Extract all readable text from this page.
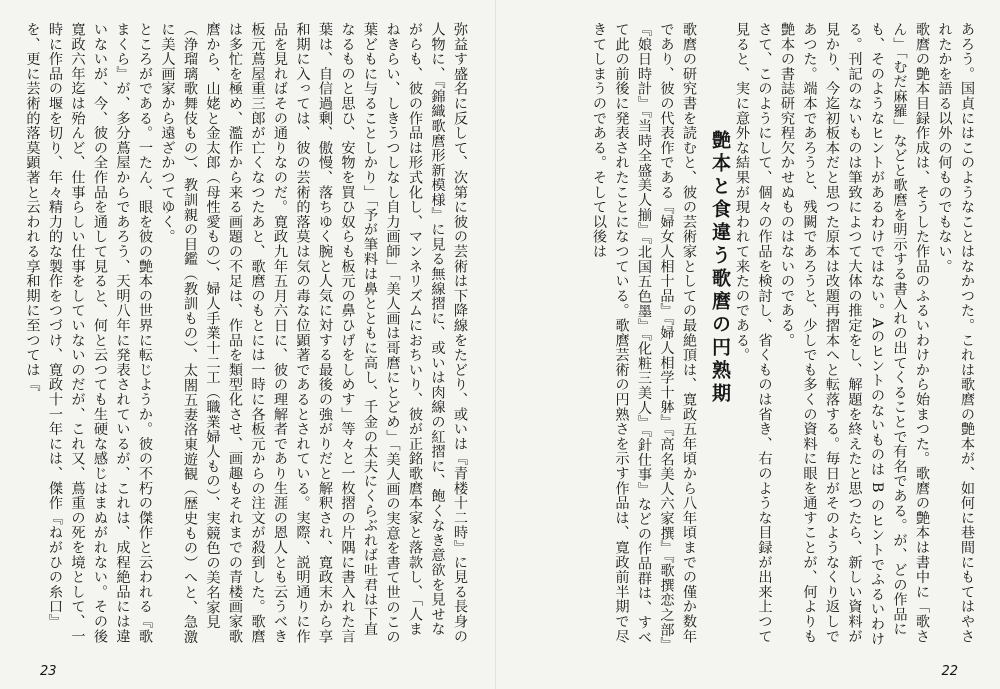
弥益す盛名に反して、次第に彼の芸術は下降線をたどり、或いは『青楼十二時』に見る長身の人物に、『錦織歌麿形新模様』に見る無線摺に、或いは肉線の紅摺に、飽くなき意欲を見せながらも、彼の作品は形式化し、マンネリズムにおちいり、彼が正銘歌麿本家と落款し、「人まねきらい、しきうつしなし自力画師」「美人画は哥麿にとどめ」「美人画の実意を書て世のこの葉どもに与ることしかり」「予が筆料は鼻とともに高し、千金の太夫にくらぶれば吐君は下直なるものと思ひ、安物を買ひ奴らも板元の鼻ひげをしめす」等々と一枚摺の片隅に書入れた言葉は、自信過剰、傲慢、落ちゆく腕と人気に対する最後の強がりだと解釈され、寛政末から享和期に入っては、彼の芸術的落莫は気の毒な位顕著であるとされている。実際、説明通りに作品を見ればその通りなのだ。寛政九年五月六日に、彼の理解者であり生涯の恩人とも云うべき板元蔦屋重三郎が亡くなつたあと、歌麿のもとには一時に各板元からの注文が殺到した。歌麿は多忙を極め、濫作から来る画題の不足は、作品を類型化させ、画趣もそれまでの青楼画家歌麿から、山姥と金太郎（母性愛もの）、婦人手業十二工（職業婦人もの）、実競色の美名家見（浄瑠璃歌舞伎もの）、教訓親の目鑑（教訓もの）、太閤五妻洛東遊観（歴史もの）へと、急激に美人画家から遠ざかつてゆく。
ところがである。一たん、眼を彼の艶本の世界に転じようか。彼の不朽の傑作と云われる『歌まくら』が、多分蔦屋からであろう、天明八年に発表されているが、これは、成程絶品には違いないが、今、彼の全作品を通して見ると、何と云つても生硬な感じはまぬがれない。その後寛政六年迄は殆んど、仕事らしい仕事をしていないのだが、これ又、蔦重の死を境として、一時に作品の堰を切り、年々精力的な製作をつづけ、寛政十一年には、傑作『ねがひの糸口』を、更に芸術的落莫顕著と云われる享和期に至つては『
23
あろう。国貞にはこのようなことはなかつた。これは歌麿の艶本が、如何に巷間にもてはやされたかを語る以外の何ものでもない。
歌麿の艶本目録作成は、そうした作品のふるいわけから始まつた。歌麿の艶本は書中に「歌さん」「むだ麻羅」などと歌麿を明示する書入れの出てくることで有名である。が、どの作品にも、そのようなヒントがあるわけではない。Aのヒントのないものは B のヒントでふるいわける。刊記のないものは筆致によつて大体の推定をし、解題を終えたと思つたら、新しい資料が見かり、今迄初板本だと思つた原本は改題再摺本へと転落する。毎日がそのようなくり返しであつた。端本であろうと、残闕であろうと、少しでも多くの資料に眼を通すことが、何よりも艶本の書誌研究程欠かせぬものはないのである。
さて、このようにして、個々の作品を検討し、省くものは省き、右のような目録が出来上つて見ると、実に意外な結果が現われて来たのである。
艶本と食違う歌麿の円熟期
歌麿の研究書を読むと、彼の芸術家としての最絶頂は、寛政五年頃から八年頃までの僅か数年であり、彼の代表作である『婦女人相十品』『婦人相学十躰』『高名美人六家撰』『歌撰恋之部』『娘日時計』『当時全盛美人揃』『北国五色墨』『化粧三美人』『針仕事』などの作品群は、すべて此の前後に発表されたことになつている。歌麿芸術の円熟さを示す作品は、寛政前半期で尽きてしまうのである。そして以後は
22
